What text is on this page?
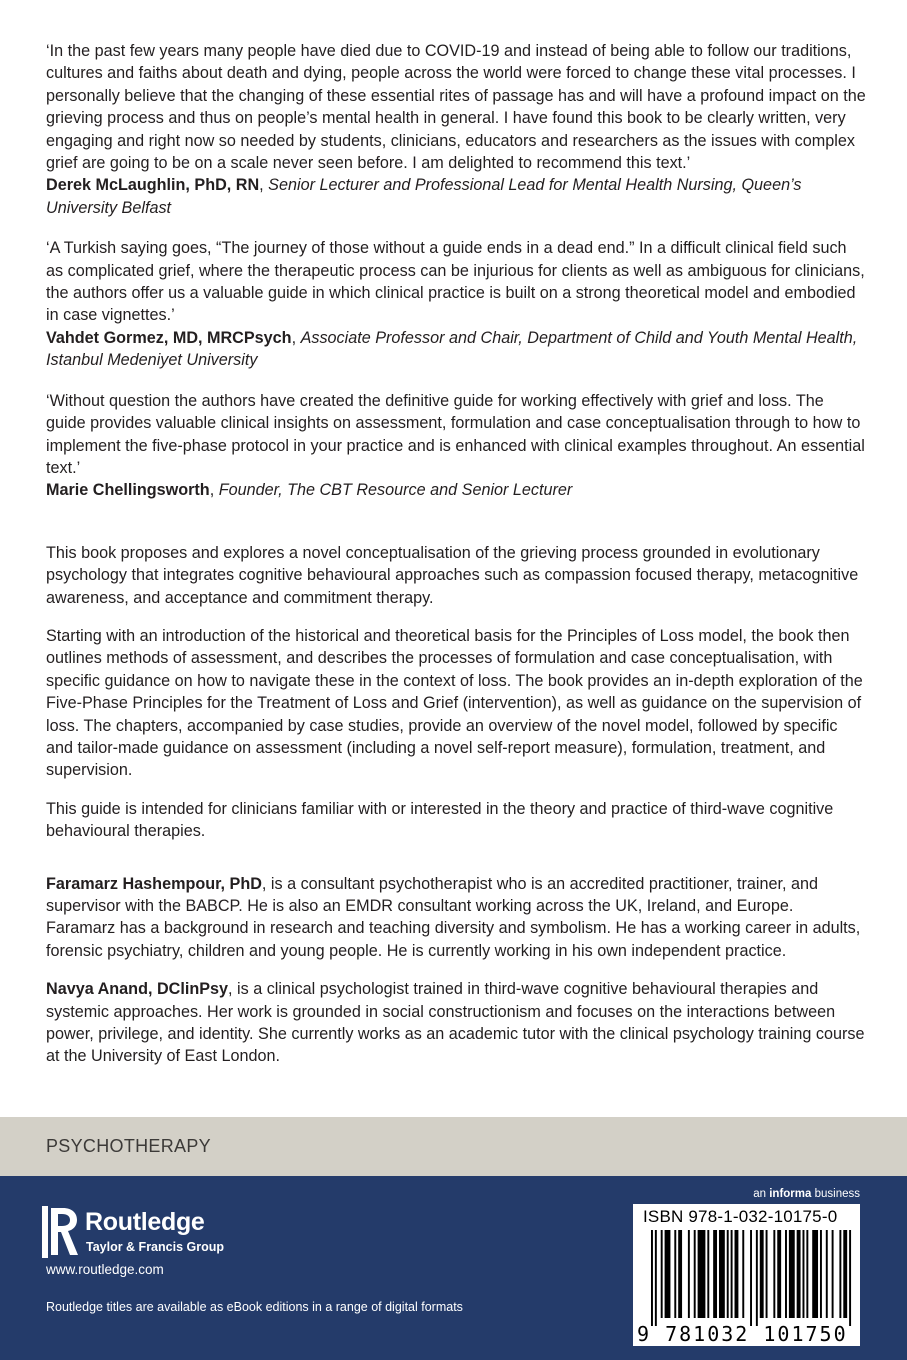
‘In the past few years many people have died due to COVID-19 and instead of being able to follow our traditions, cultures and faiths about death and dying, people across the world were forced to change these vital processes. I personally believe that the changing of these essential rites of passage has and will have a profound impact on the grieving process and thus on people’s mental health in general. I have found this book to be clearly written, very engaging and right now so needed by students, clinicians, educators and researchers as the issues with complex grief are going to be on a scale never seen before. I am delighted to recommend this text.’

Derek McLaughlin, PhD, RN, Senior Lecturer and Professional Lead for Mental Health Nursing, Queen’s University Belfast

‘A Turkish saying goes, “The journey of those without a guide ends in a dead end.” In a difficult clinical field such as complicated grief, where the therapeutic process can be injurious for clients as well as ambiguous for clinicians, the authors offer us a valuable guide in which clinical practice is built on a strong theoretical model and embodied in case vignettes.’

Vahdet Gormez, MD, MRCPsych, Associate Professor and Chair, Department of Child and Youth Mental Health, Istanbul Medeniyet University

‘Without question the authors have created the definitive guide for working effectively with grief and loss. The guide provides valuable clinical insights on assessment, formulation and case conceptualisation through to how to implement the five-phase protocol in your practice and is enhanced with clinical examples throughout. An essential text.’

Marie Chellingsworth, Founder, The CBT Resource and Senior Lecturer

This book proposes and explores a novel conceptualisation of the grieving process grounded in evolutionary psychology that integrates cognitive behavioural approaches such as compassion focused therapy, metacognitive awareness, and acceptance and commitment therapy.

Starting with an introduction of the historical and theoretical basis for the Principles of Loss model, the book then outlines methods of assessment, and describes the processes of formulation and case conceptualisation, with specific guidance on how to navigate these in the context of loss. The book provides an in-depth exploration of the Five-Phase Principles for the Treatment of Loss and Grief (intervention), as well as guidance on the supervision of loss. The chapters, accompanied by case studies, provide an overview of the novel model, followed by specific and tailor-made guidance on assessment (including a novel self-report measure), formulation, treatment, and supervision.

This guide is intended for clinicians familiar with or interested in the theory and practice of third-wave cognitive behavioural therapies.

Faramarz Hashempour, PhD, is a consultant psychotherapist who is an accredited practitioner, trainer, and supervisor with the BABCP. He is also an EMDR consultant working across the UK, Ireland, and Europe. Faramarz has a background in research and teaching diversity and symbolism. He has a working career in adults, forensic psychiatry, children and young people. He is currently working in his own independent practice.

Navya Anand, DClinPsy, is a clinical psychologist trained in third-wave cognitive behavioural therapies and systemic approaches. Her work is grounded in social constructionism and focuses on the interactions between power, privilege, and identity. She currently works as an academic tutor with the clinical psychology training course at the University of East London.

PSYCHOTHERAPY
Routledge
Taylor & Francis Group
www.routledge.com
Routledge titles are available as eBook editions in a range of digital formats
an informa business
ISBN 978-1-032-10175-0
9 781032 101750
